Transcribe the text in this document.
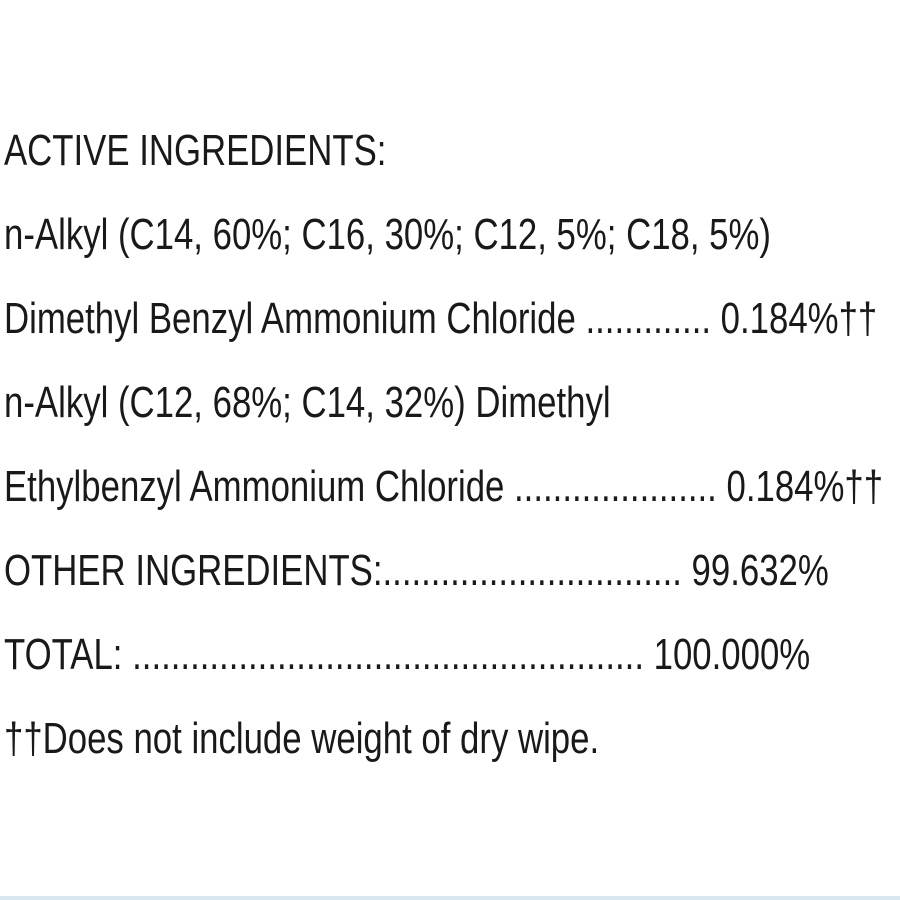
ACTIVE INGREDIENTS:
n-Alkyl (C14, 60%; C16, 30%; C12, 5%; C18, 5%)
Dimethyl Benzyl Ammonium Chloride ............. 0.184%††
n-Alkyl (C12, 68%; C14, 32%) Dimethyl
Ethylbenzyl Ammonium Chloride ..................... 0.184%††
OTHER INGREDIENTS:............................... 99.632%
TOTAL: ..................................................... 100.000%
††Does not include weight of dry wipe.
